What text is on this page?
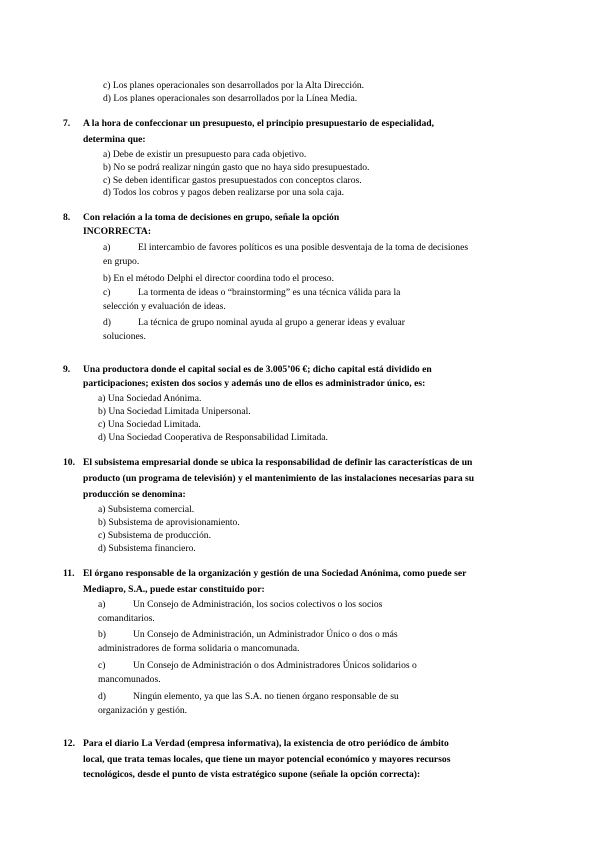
c) Los planes operacionales son desarrollados por la Alta Dirección.
d) Los planes operacionales son desarrollados por la Línea Media.
7. A la hora de confeccionar un presupuesto, el principio presupuestario de especialidad,
determina que:
a) Debe de existir un presupuesto para cada objetivo.
b) No se podrá realizar ningún gasto que no haya sido presupuestado.
c) Se deben identificar gastos presupuestados con conceptos claros.
d) Todos los cobros y pagos deben realizarse por una sola caja.
8. Con relación a la toma de decisiones en grupo, señale la opción
INCORRECTA:
a)	El intercambio de favores políticos es una posible desventaja de la toma de decisiones
en grupo.
b) En el método Delphi el director coordina todo el proceso.
c)	La tormenta de ideas o “brainstorming” es una técnica válida para la
selección y evaluación de ideas.
d)	La técnica de grupo nominal ayuda al grupo a generar ideas y evaluar
soluciones.
9. Una productora donde el capital social es de 3.005’06 €; dicho capital está dividido en
participaciones; existen dos socios y además uno de ellos es administrador único, es:
a) Una Sociedad Anónima.
b) Una Sociedad Limitada Unipersonal.
c) Una Sociedad Limitada.
d) Una Sociedad Cooperativa de Responsabilidad Limitada.
10. El subsistema empresarial donde se ubica la responsabilidad de definir las características de un
producto (un programa de televisión) y el mantenimiento de las instalaciones necesarias para su
producción se denomina:
a) Subsistema comercial.
b) Subsistema de aprovisionamiento.
c) Subsistema de producción.
d) Subsistema financiero.
11. El órgano responsable de la organización y gestión de una Sociedad Anónima, como puede ser
Mediapro, S.A., puede estar constituido por:
a)	Un Consejo de Administración, los socios colectivos o los socios
comanditarios.
b)	Un Consejo de Administración, un Administrador Único o dos o más
administradores de forma solidaria o mancomunada.
c)	Un Consejo de Administración o dos Administradores Únicos solidarios o
mancomunados.
d)	Ningún elemento, ya que las S.A. no tienen órgano responsable de su
organización y gestión.
12. Para el diario La Verdad (empresa informativa), la existencia de otro periódico de ámbito
local, que trata temas locales, que tiene un mayor potencial económico y mayores recursos
tecnológicos, desde el punto de vista estratégico supone (señale la opción correcta):
